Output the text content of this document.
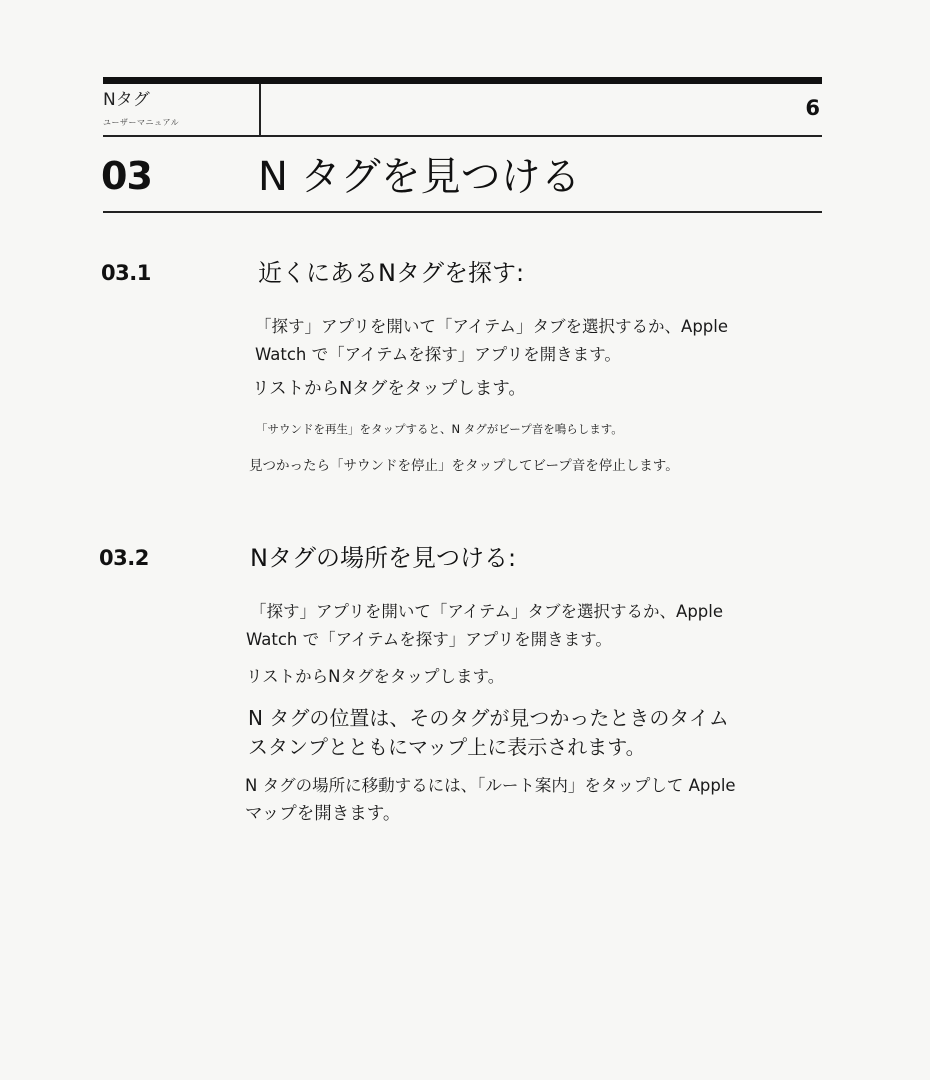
Nタグ
ユーザーマニュアル
6
03	N タグを見つける
03.1	近くにあるNタグを探す:
「探す」アプリを開いて「アイテム」タブを選択するか、Apple
Watch で「アイテムを探す」アプリを開きます。
リストからNタグをタップします。
「サウンドを再生」をタップすると、N タグがビープ音を鳴らします。
見つかったら「サウンドを停止」をタップしてビープ音を停止します。
03.2	Nタグの場所を見つける:
「探す」アプリを開いて「アイテム」タブを選択するか、Apple
Watch で「アイテムを探す」アプリを開きます。
リストからNタグをタップします。
N タグの位置は、そのタグが見つかったときのタイム
スタンプとともにマップ上に表示されます。
N タグの場所に移動するには、「ルート案内」をタップして Apple
マップを開きます。
